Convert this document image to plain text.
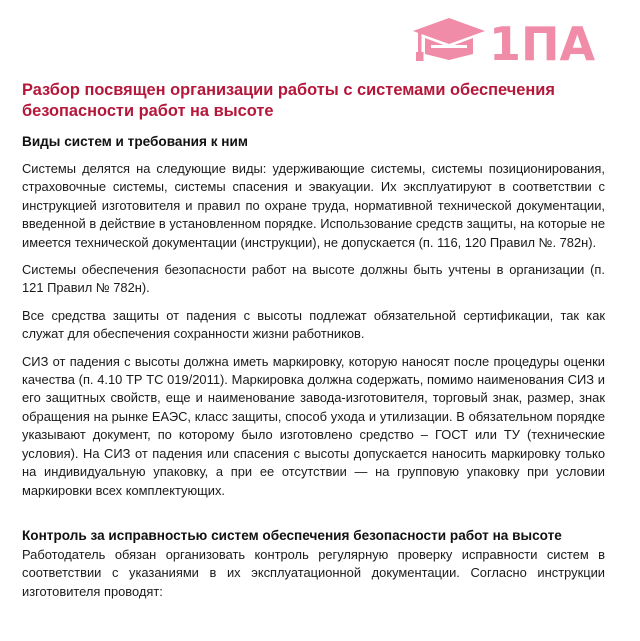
1ПА
Разбор посвящен организации работы с системами обеспечения безопасности работ на высоте
Виды систем и требования к ним

Системы делятся на следующие виды: удерживающие системы, системы позиционирования, страховочные системы, системы спасения и эвакуации. Их эксплуатируют в соответствии с инструкцией изготовителя и правил по охране труда, нормативной технической документации, введенной в действие в установленном порядке. Использование средств защиты, на которые не имеется технической документации (инструкции), не допускается (п. 116, 120 Правил №. 782н).

Системы обеспечения безопасности работ на высоте должны быть учтены в организации (п. 121 Правил № 782н).

Все средства защиты от падения с высоты подлежат обязательной сертификации, так как служат для обеспечения сохранности жизни работников.

СИЗ от падения с высоты должна иметь маркировку, которую наносят после процедуры оценки качества (п. 4.10 ТР ТС 019/2011). Маркировка должна содержать, помимо наименования СИЗ и его защитных свойств, еще и наименование завода-изготовителя, торговый знак, размер, знак обращения на рынке ЕАЭС, класс защиты, способ ухода и утилизации. В обязательном порядке указывают документ, по которому было изготовлено средство – ГОСТ или ТУ (технические условия). На СИЗ от падения или спасения с высоты допускается наносить маркировку только на индивидуальную упаковку, а при ее отсутствии — на групповую упаковку при условии маркировки всех комплектующих.

Контроль за исправностью систем обеспечения безопасности работ на высоте

Работодатель обязан организовать контроль регулярную проверку исправности систем в соответствии с указаниями в их эксплуатационной документации. Согласно инструкции изготовителя проводят:
